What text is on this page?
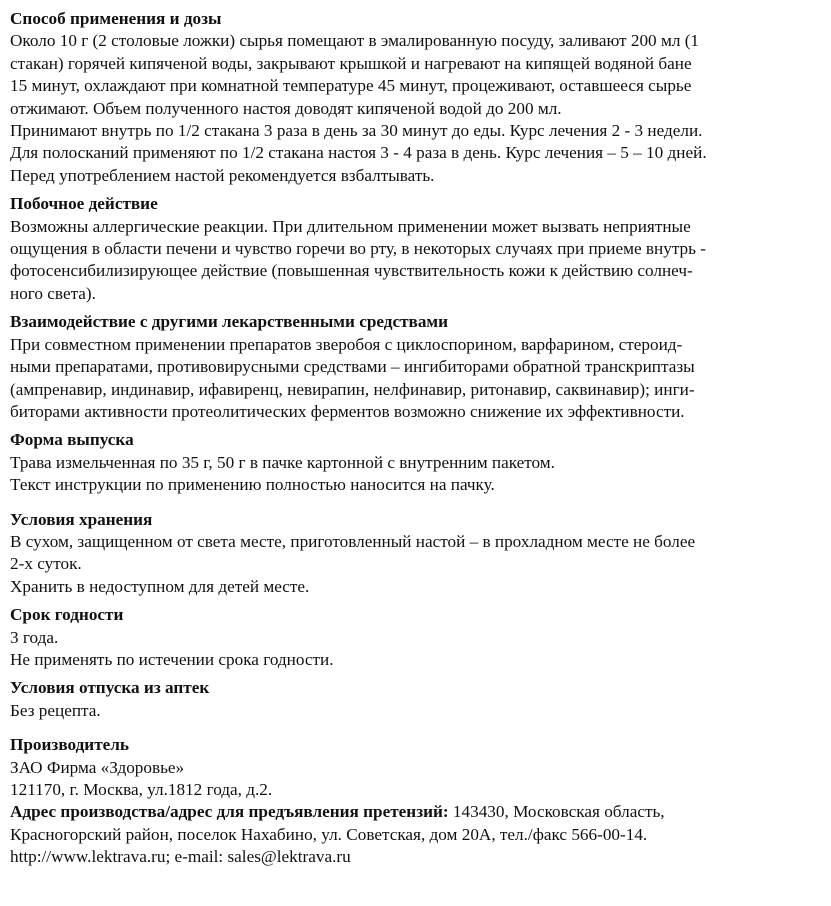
Способ применения и дозы
Около 10 г (2 столовые ложки) сырья помещают в эмалированную посуду, заливают 200 мл (1
стакан) горячей кипяченой воды, закрывают крышкой и нагревают на кипящей водяной бане
15 минут, охлаждают при комнатной температуре 45 минут, процеживают, оставшееся сырье
отжимают. Объем полученного настоя доводят кипяченой водой до 200 мл.
Принимают внутрь по 1/2 стакана 3 раза в день за 30 минут до еды. Курс лечения 2 - 3 недели.
Для полосканий применяют по 1/2 стакана настоя 3 - 4 раза в день. Курс лечения – 5 – 10 дней.
Перед употреблением настой рекомендуется взбалтывать.
Побочное действие
Возможны аллергические реакции. При длительном применении может вызвать неприятные
ощущения в области печени и чувство горечи во рту, в некоторых случаях при приеме внутрь -
фотосенсибилизирующее действие (повышенная чувствительность кожи к действию солнеч-
ного света).
Взаимодействие с другими лекарственными средствами
При совместном применении препаратов зверобоя с циклоспорином, варфарином, стероид-
ными препаратами, противовирусными средствами – ингибиторами обратной транскриптазы
(ампренавир, индинавир, ифавиренц, невирапин, нелфинавир, ритонавир, саквинавир); инги-
биторами активности протеолитических ферментов возможно снижение их эффективности.
Форма выпуска
Трава измельченная по 35 г, 50 г в пачке картонной с внутренним пакетом.
Текст инструкции по применению полностью наносится на пачку.
Условия хранения
В сухом, защищенном от света месте, приготовленный настой – в прохладном месте не более
2-х суток.
Хранить в недоступном для детей месте.
Срок годности
3 года.
Не применять по истечении срока годности.
Условия отпуска из аптек
Без рецепта.
Производитель
ЗАО Фирма «Здоровье»
121170, г. Москва, ул.1812 года, д.2.
Адрес производства/адрес для предъявления претензий: 143430, Московская область,
Красногорский район, поселок Нахабино, ул. Советская, дом 20А, тел./факс 566-00-14.
http://www.lektrava.ru; e-mail: sales@lektrava.ru
